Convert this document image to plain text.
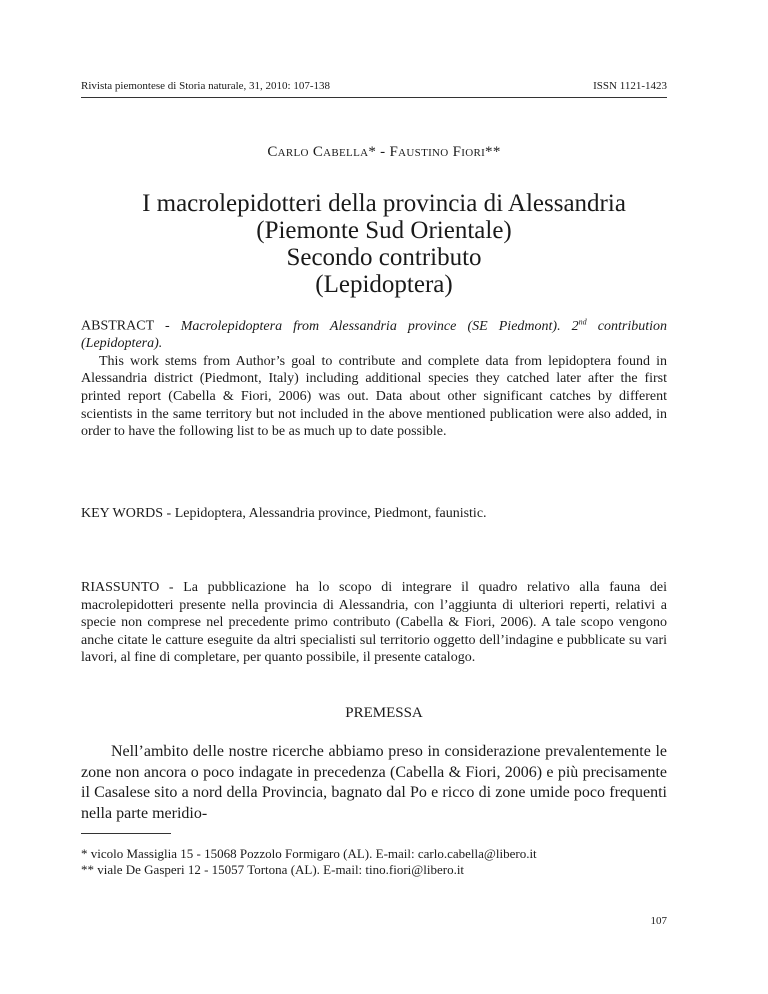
Rivista piemontese di Storia naturale, 31, 2010: 107-138	ISSN 1121-1423
Carlo Cabella* - Faustino Fiori**
I macrolepidotteri della provincia di Alessandria
(Piemonte Sud Orientale)
Secondo contributo
(Lepidoptera)
ABSTRACT - Macrolepidoptera from Alessandria province (SE Piedmont). 2nd contribution (Lepidoptera).
This work stems from Author’s goal to contribute and complete data from lepidoptera found in Alessandria district (Piedmont, Italy) including additional species they catched later after the first printed report (Cabella & Fiori, 2006) was out. Data about other significant catches by different scientists in the same territory but not included in the above mentioned publication were also added, in order to have the following list to be as much up to date possible.
KEY WORDS - Lepidoptera, Alessandria province, Piedmont, faunistic.
RIASSUNTO - La pubblicazione ha lo scopo di integrare il quadro relativo alla fauna dei macrolepidotteri presente nella provincia di Alessandria, con l’aggiunta di ulteriori reperti, relativi a specie non comprese nel precedente primo contributo (Cabella & Fiori, 2006). A tale scopo vengono anche citate le catture eseguite da altri specialisti sul territorio oggetto dell’indagine e pubblicate su vari lavori, al fine di completare, per quanto possibile, il presente catalogo.
PREMESSA
Nell’ambito delle nostre ricerche abbiamo preso in considerazione prevalentemente le zone non ancora o poco indagate in precedenza (Cabella & Fiori, 2006) e più precisamente il Casalese sito a nord della Provincia, bagnato dal Po e ricco di zone umide poco frequenti nella parte meridio-
* vicolo Massiglia 15 - 15068 Pozzolo Formigaro (AL). E-mail: carlo.cabella@libero.it
** viale De Gasperi 12 - 15057 Tortona (AL). E-mail: tino.fiori@libero.it
107
